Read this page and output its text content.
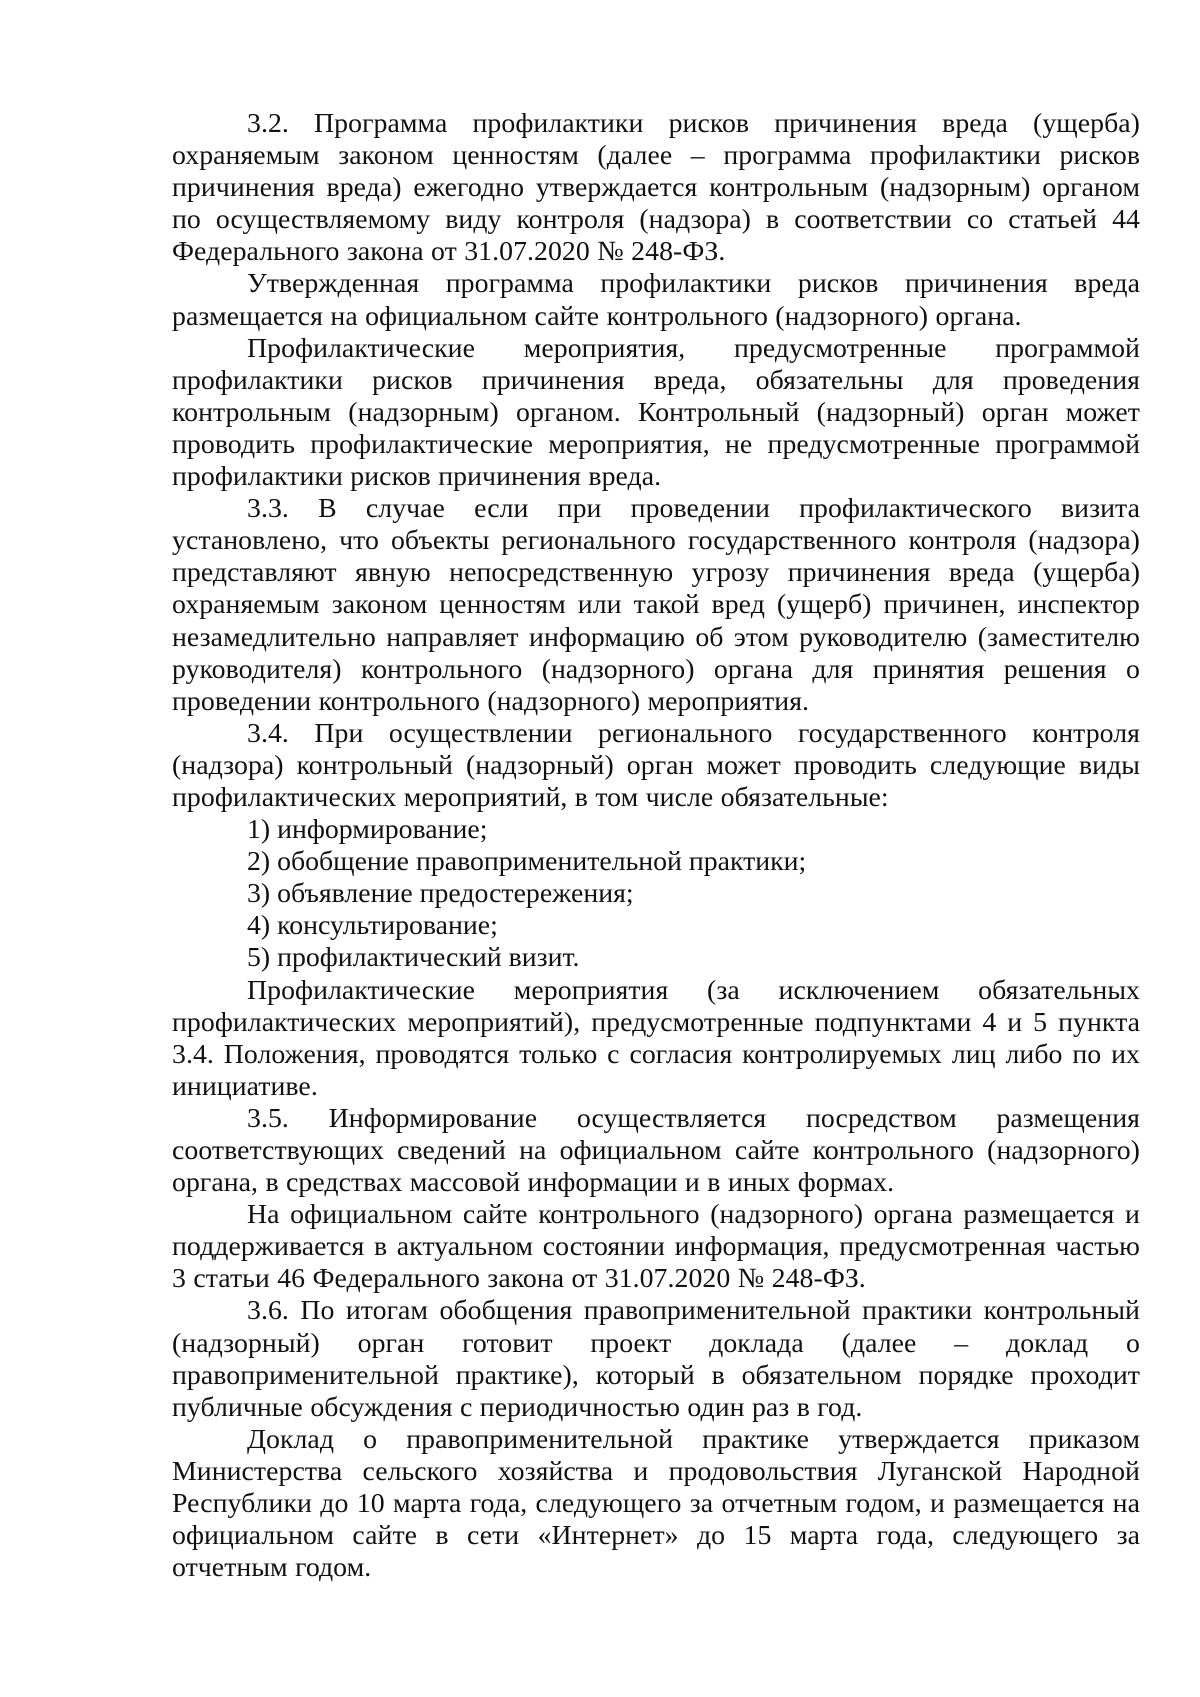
3.2. Программа профилактики рисков причинения вреда (ущерба) охраняемым законом ценностям (далее – программа профилактики рисков причинения вреда) ежегодно утверждается контрольным (надзорным) органом по осуществляемому виду контроля (надзора) в соответствии со статьей 44 Федерального закона от 31.07.2020 № 248-ФЗ.

Утвержденная программа профилактики рисков причинения вреда размещается на официальном сайте контрольного (надзорного) органа.

Профилактические мероприятия, предусмотренные программой профилактики рисков причинения вреда, обязательны для проведения контрольным (надзорным) органом. Контрольный (надзорный) орган может проводить профилактические мероприятия, не предусмотренные программой профилактики рисков причинения вреда.

3.3. В случае если при проведении профилактического визита установлено, что объекты регионального государственного контроля (надзора) представляют явную непосредственную угрозу причинения вреда (ущерба) охраняемым законом ценностям или такой вред (ущерб) причинен, инспектор незамедлительно направляет информацию об этом руководителю (заместителю руководителя) контрольного (надзорного) органа для принятия решения о проведении контрольного (надзорного) мероприятия.

3.4. При осуществлении регионального государственного контроля (надзора) контрольный (надзорный) орган может проводить следующие виды профилактических мероприятий, в том числе обязательные:

1) информирование;

2) обобщение правоприменительной практики;

3) объявление предостережения;

4) консультирование;

5) профилактический визит.

Профилактические мероприятия (за исключением обязательных профилактических мероприятий), предусмотренные подпунктами 4 и 5 пункта 3.4. Положения, проводятся только с согласия контролируемых лиц либо по их инициативе.

3.5. Информирование осуществляется посредством размещения соответствующих сведений на официальном сайте контрольного (надзорного) органа, в средствах массовой информации и в иных формах.

На официальном сайте контрольного (надзорного) органа размещается и поддерживается в актуальном состоянии информация, предусмотренная частью 3 статьи 46 Федерального закона от 31.07.2020 № 248-ФЗ.

3.6. По итогам обобщения правоприменительной практики контрольный (надзорный) орган готовит проект доклада (далее – доклад о правоприменительной практике), который в обязательном порядке проходит публичные обсуждения с периодичностью один раз в год.

Доклад о правоприменительной практике утверждается приказом Министерства сельского хозяйства и продовольствия Луганской Народной Республики до 10 марта года, следующего за отчетным годом, и размещается на официальном сайте в сети «Интернет» до 15 марта года, следующего за отчетным годом.
